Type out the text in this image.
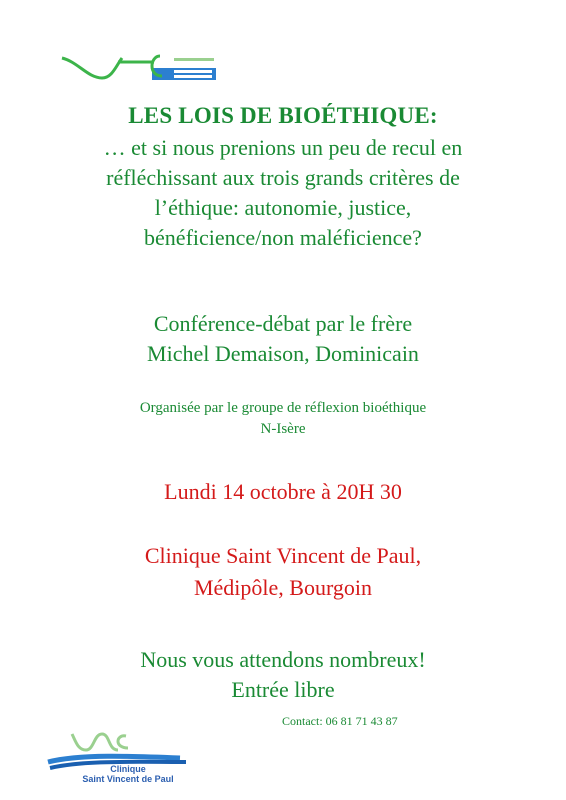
LES LOIS DE BIOÉTHIQUE:
… et si nous prenions un peu de recul en
réfléchissant aux trois grands critères de
l’éthique: autonomie, justice,
bénéficience/non maléficience?
Conférence-débat par le frère
Michel Demaison, Dominicain
Organisée par le groupe de réflexion bioéthique
N-Isère
Lundi 14 octobre à 20H 30
Clinique Saint Vincent de Paul,
Médipôle, Bourgoin
Nous vous attendons nombreux!
Entrée libre
Contact: 06 81 71 43 87
Clinique
Saint Vincent de Paul
